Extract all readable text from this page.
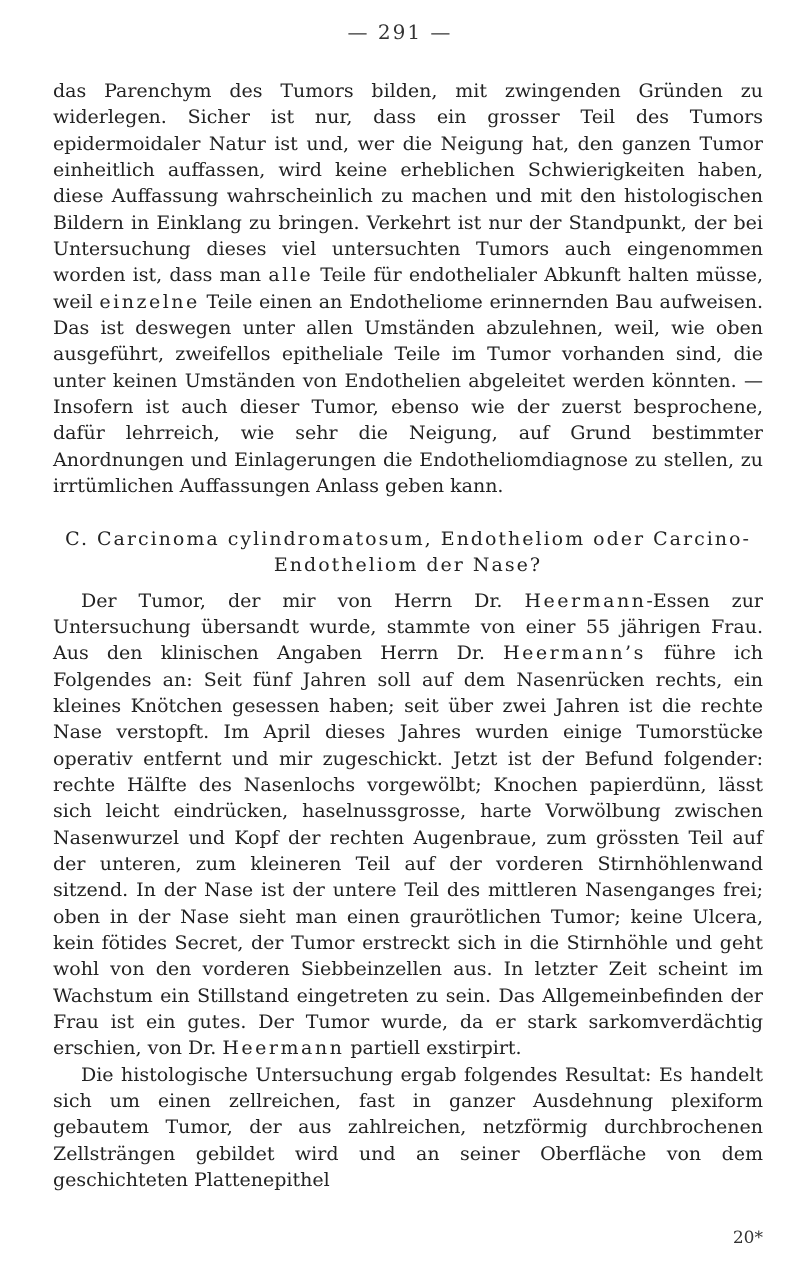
— 291 —

das Parenchym des Tumors bilden, mit zwingenden Gründen zu widerlegen. Sicher ist nur, dass ein grosser Teil des Tumors epidermoidaler Natur ist und, wer die Neigung hat, den ganzen Tumor einheitlich auffassen, wird keine erheblichen Schwierigkeiten haben, diese Auffassung wahrscheinlich zu machen und mit den histologischen Bildern in Einklang zu bringen. Verkehrt ist nur der Standpunkt, der bei Untersuchung dieses viel untersuchten Tumors auch eingenommen worden ist, dass man alle Teile für endothelialer Abkunft halten müsse, weil einzelne Teile einen an Endotheliome erinnernden Bau aufweisen. Das ist deswegen unter allen Umständen abzulehnen, weil, wie oben ausgeführt, zweifellos epitheliale Teile im Tumor vorhanden sind, die unter keinen Umständen von Endothelien abgeleitet werden könnten. — Insofern ist auch dieser Tumor, ebenso wie der zuerst besprochene, dafür lehrreich, wie sehr die Neigung, auf Grund bestimmter Anordnungen und Einlagerungen die Endotheliomdiagnose zu stellen, zu irrtümlichen Auffassungen Anlass geben kann.

C. Carcinoma cylindromatosum, Endotheliom oder Carcino-
Endotheliom der Nase?

Der Tumor, der mir von Herrn Dr. Heermann-Essen zur Untersuchung übersandt wurde, stammte von einer 55 jährigen Frau. Aus den klinischen Angaben Herrn Dr. Heermann’s führe ich Folgendes an: Seit fünf Jahren soll auf dem Nasenrücken rechts, ein kleines Knötchen gesessen haben; seit über zwei Jahren ist die rechte Nase verstopft. Im April dieses Jahres wurden einige Tumorstücke operativ entfernt und mir zugeschickt. Jetzt ist der Befund folgender: rechte Hälfte des Nasenlochs vorgewölbt; Knochen papierdünn, lässt sich leicht eindrücken, haselnussgrosse, harte Vorwölbung zwischen Nasenwurzel und Kopf der rechten Augenbraue, zum grössten Teil auf der unteren, zum kleineren Teil auf der vorderen Stirnhöhlenwand sitzend. In der Nase ist der untere Teil des mittleren Nasenganges frei; oben in der Nase sieht man einen graurötlichen Tumor; keine Ulcera, kein fötides Secret, der Tumor erstreckt sich in die Stirnhöhle und geht wohl von den vorderen Siebbeinzellen aus. In letzter Zeit scheint im Wachstum ein Stillstand eingetreten zu sein. Das Allgemeinbefinden der Frau ist ein gutes. Der Tumor wurde, da er stark sarkomverdächtig erschien, von Dr. Heermann partiell exstirpirt.

Die histologische Untersuchung ergab folgendes Resultat: Es handelt sich um einen zellreichen, fast in ganzer Ausdehnung plexiform gebautem Tumor, der aus zahlreichen, netzförmig durchbrochenen Zellsträngen gebildet wird und an seiner Oberfläche von dem geschichteten Plattenepithel

20*
